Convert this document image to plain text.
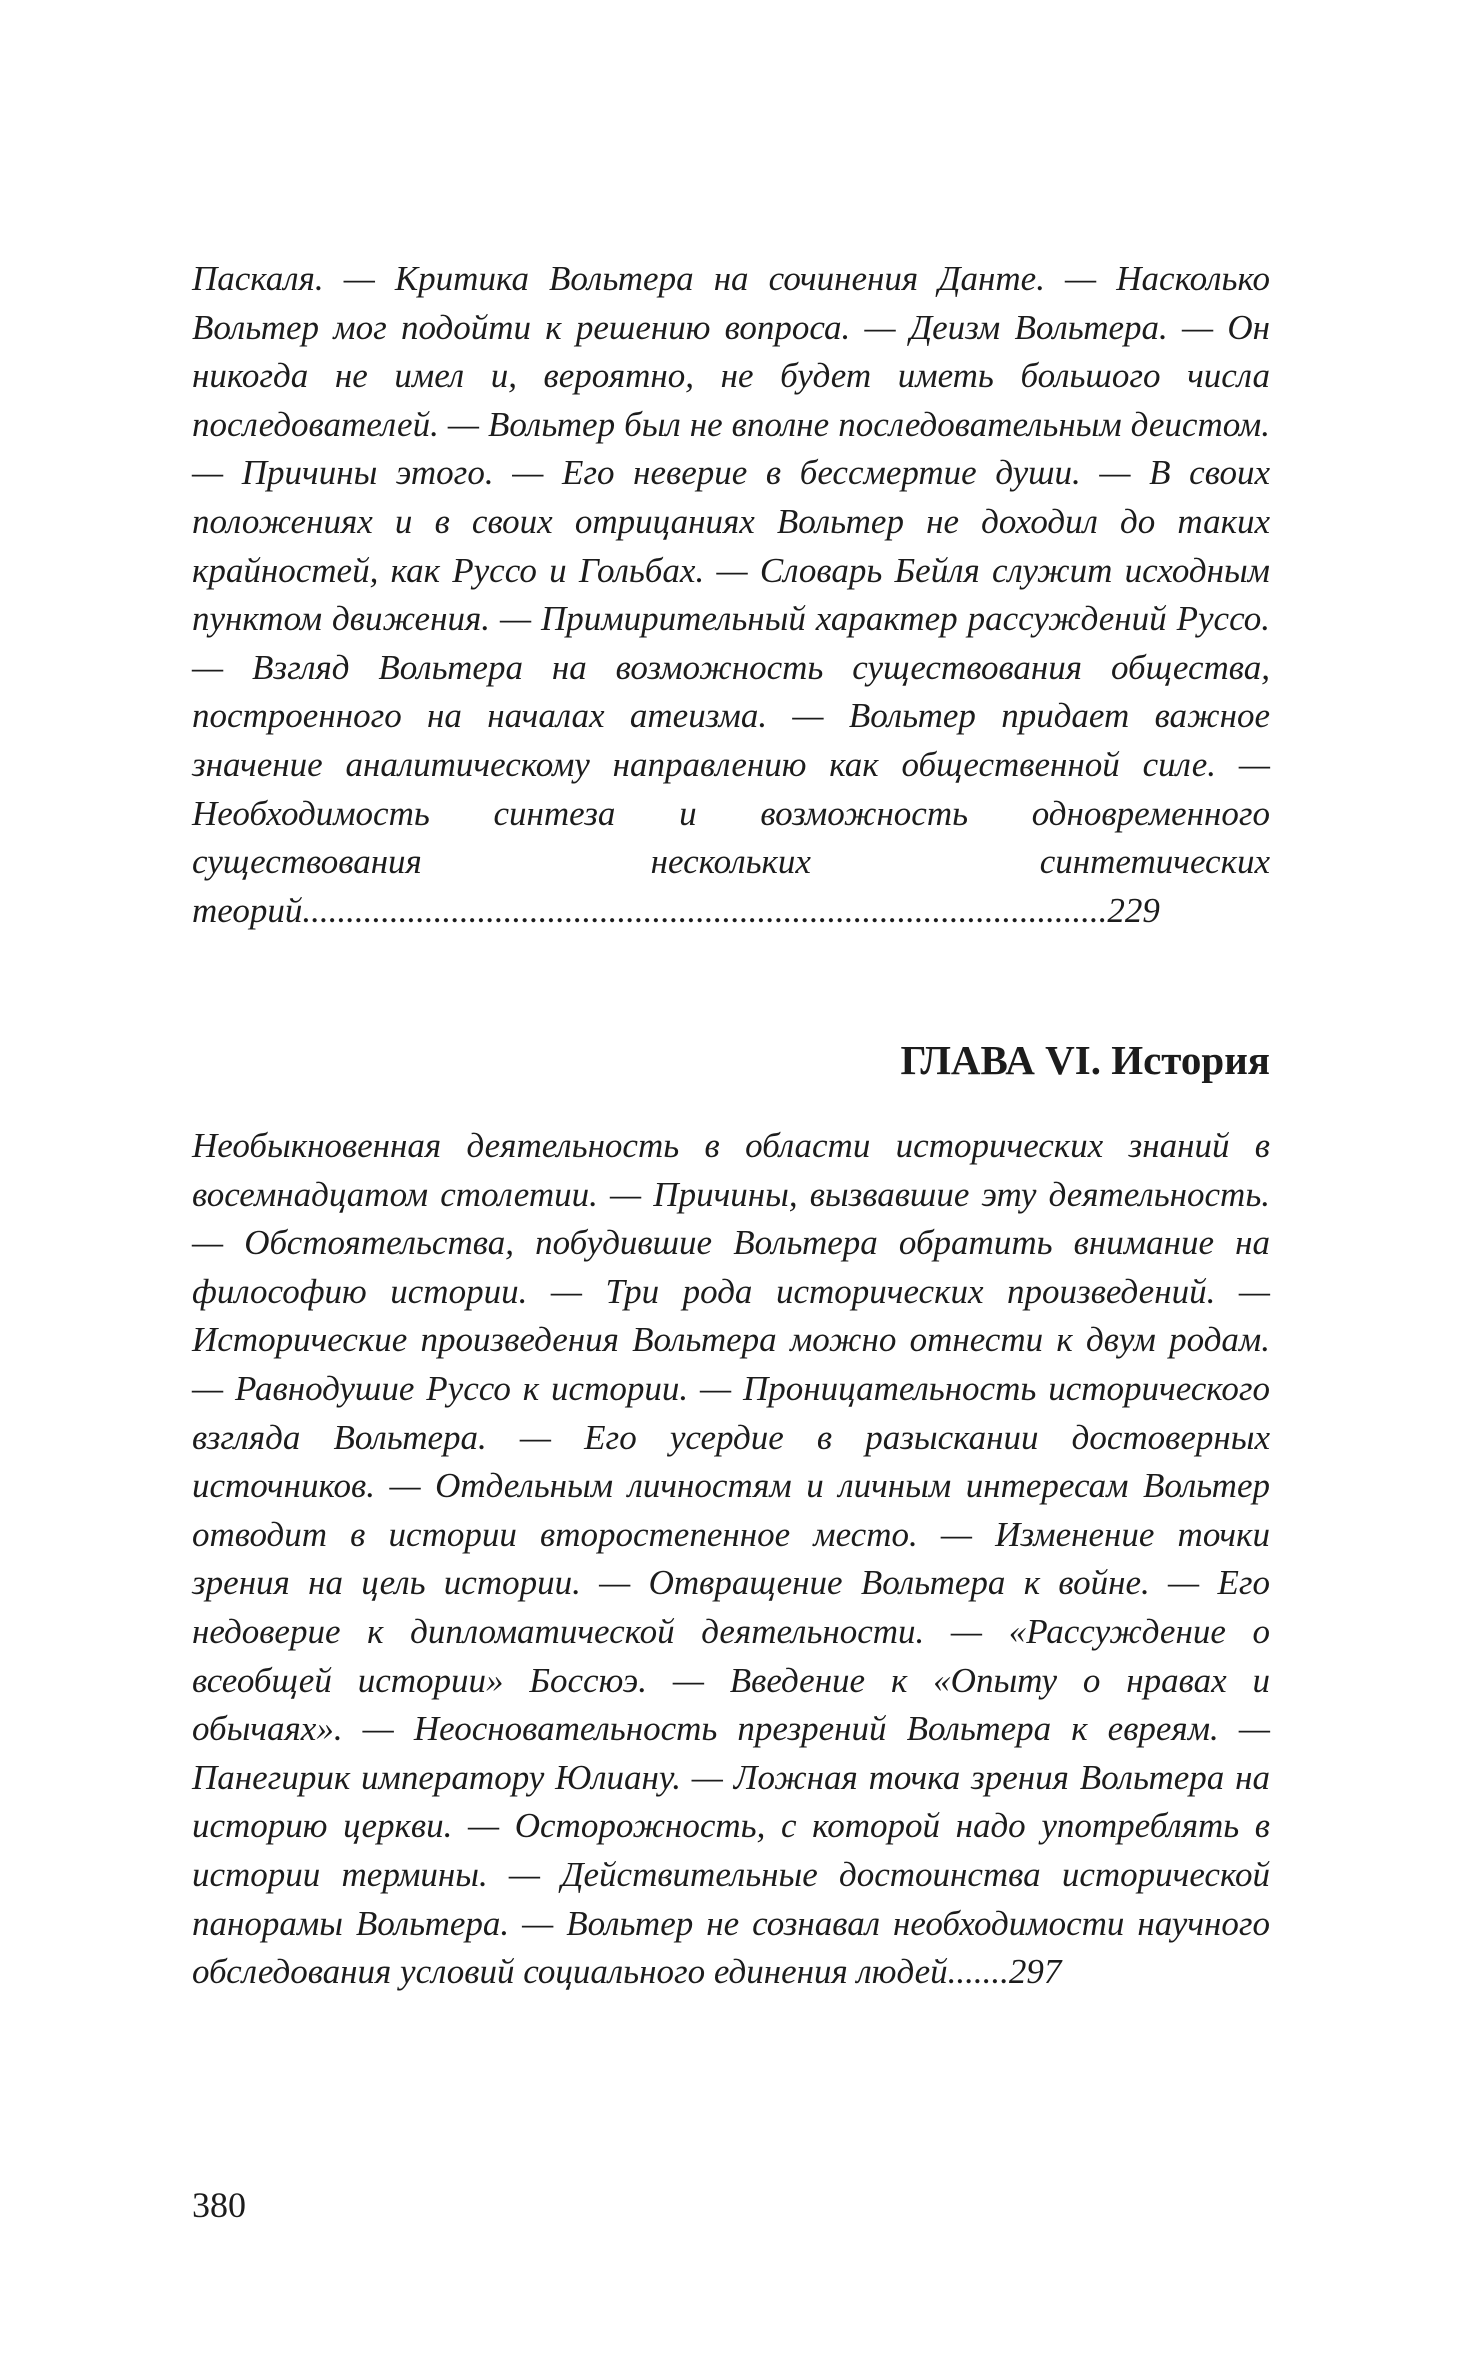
Паскаля. — Критика Вольтера на сочинения Данте. — Насколько Вольтер мог подойти к решению вопроса. — Деизм Вольтера. — Он никогда не имел и, вероятно, не будет иметь большого числа последователей. — Вольтер был не вполне последовательным деистом. — Причины этого. — Его неверие в бессмертие души. — В своих положениях и в своих отрицаниях Вольтер не доходил до таких крайностей, как Руссо и Гольбах. — Словарь Бейля служит исходным пунктом движения. — Примирительный характер рассуждений Руссо. — Взгляд Вольтера на возможность существования общества, построенного на началах атеизма. — Вольтер придает важное значение аналитическому направлению как общественной силе. — Необходимость синтеза и возможность одновременного существования нескольких синтетических теорий............................................................................................229

ГЛАВА VI. История

Необыкновенная деятельность в области исторических знаний в восемнадцатом столетии. — Причины, вызвавшие эту деятельность. — Обстоятельства, побудившие Вольтера обратить внимание на философию истории. — Три рода исторических произведений. — Исторические произведения Вольтера можно отнести к двум родам. — Равнодушие Руссо к истории. — Проницательность исторического взгляда Вольтера. — Его усердие в разыскании достоверных источников. — Отдельным личностям и личным интересам Вольтер отводит в истории второстепенное место. — Изменение точки зрения на цель истории. — Отвращение Вольтера к войне. — Его недоверие к дипломатической деятельности. — «Рассуждение о всеобщей истории» Боссюэ. — Введение к «Опыту о нравах и обычаях». — Неосновательность презрений Вольтера к евреям. — Панегирик императору Юлиану. — Ложная точка зрения Вольтера на историю церкви. — Осторожность, с которой надо употреблять в истории термины. — Действительные достоинства исторической панорамы Вольтера. — Вольтер не сознавал необходимости научного обследования условий социального единения людей.......297

380
